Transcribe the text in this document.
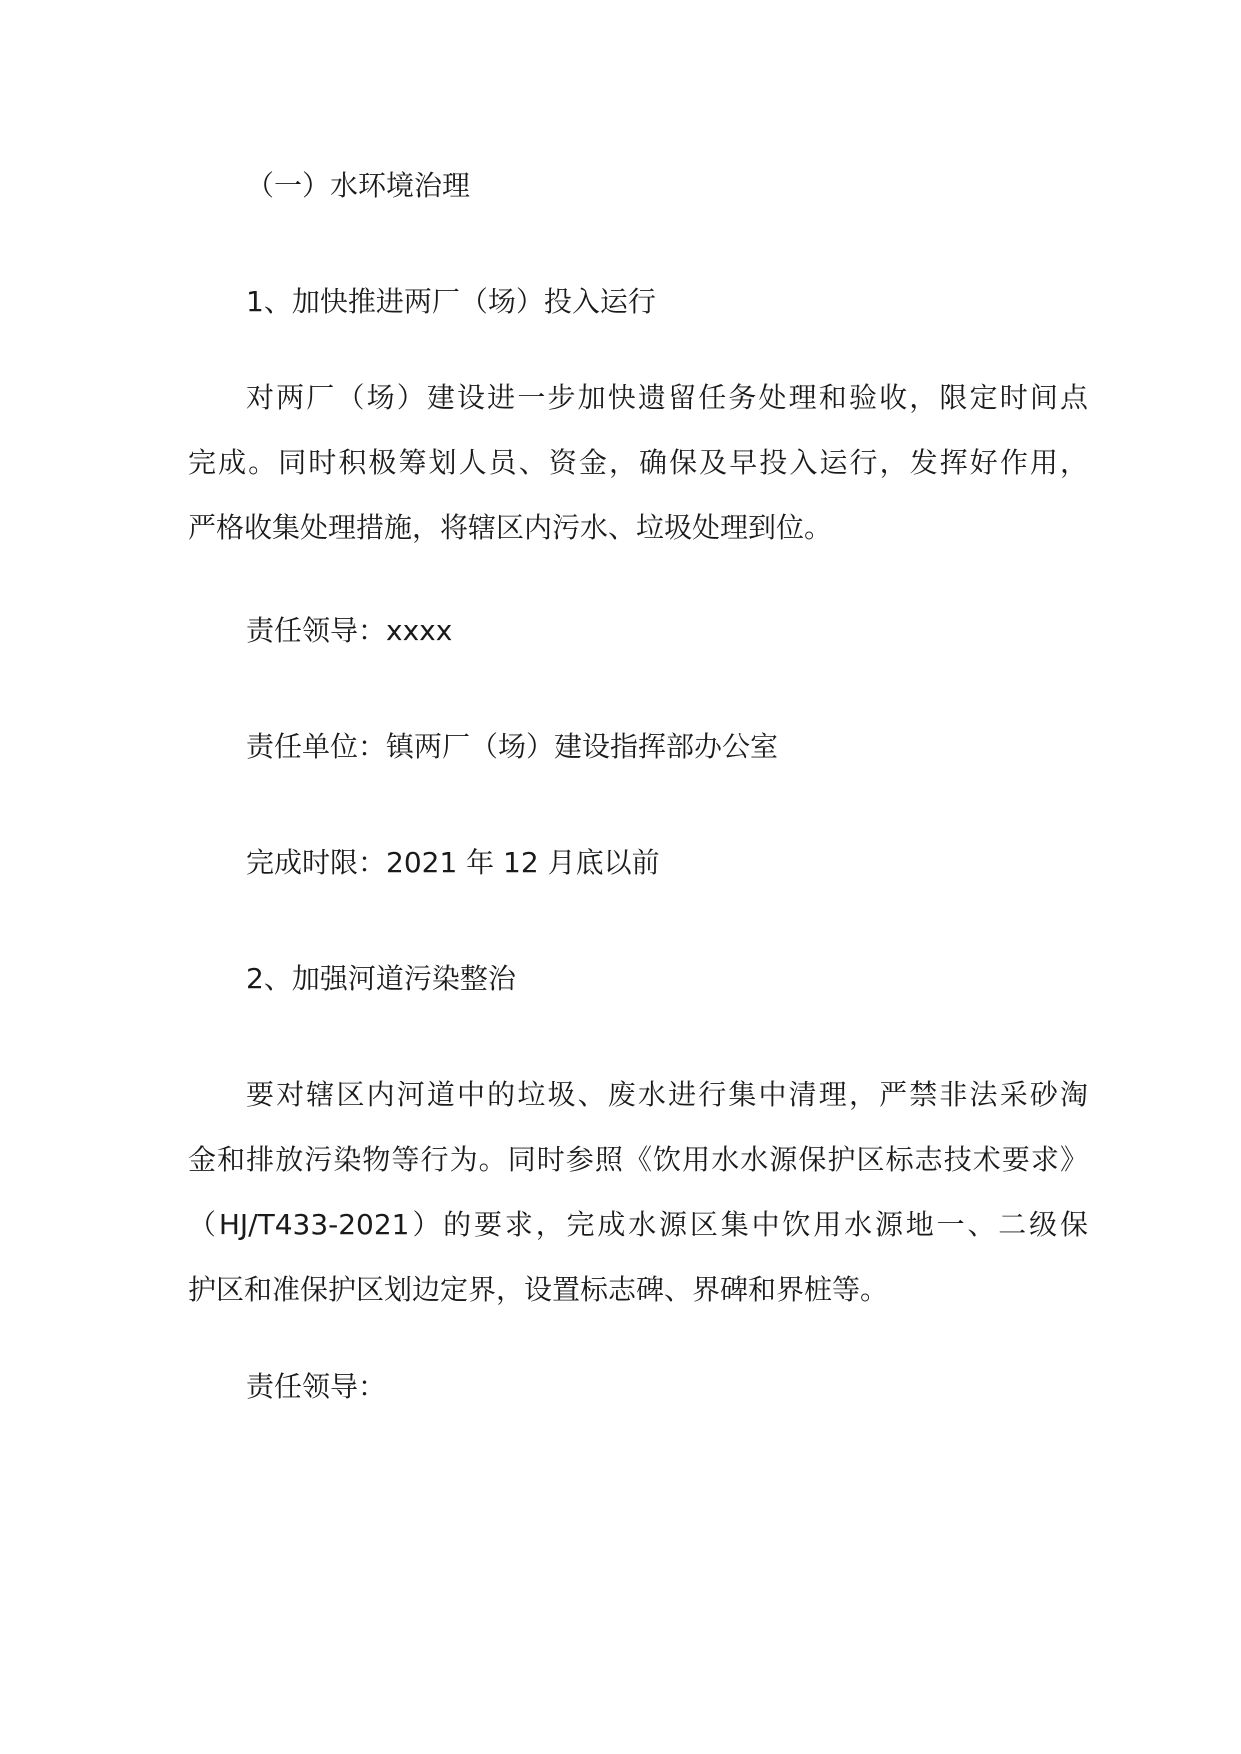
（一）水环境治理
1、加快推进两厂（场）投入运行
对两厂（场）建设进一步加快遗留任务处理和验收，限定时间点
完成。同时积极筹划人员、资金，确保及早投入运行，发挥好作用，
严格收集处理措施，将辖区内污水、垃圾处理到位。
责任领导：xxxx
责任单位：镇两厂（场）建设指挥部办公室
完成时限：2021 年 12 月底以前
2、加强河道污染整治
要对辖区内河道中的垃圾、废水进行集中清理，严禁非法采砂淘
金和排放污染物等行为。同时参照《饮用水水源保护区标志技术要求》
（HJ/T433-2021）的要求，完成水源区集中饮用水源地一、二级保
护区和准保护区划边定界，设置标志碑、界碑和界桩等。
责任领导：
